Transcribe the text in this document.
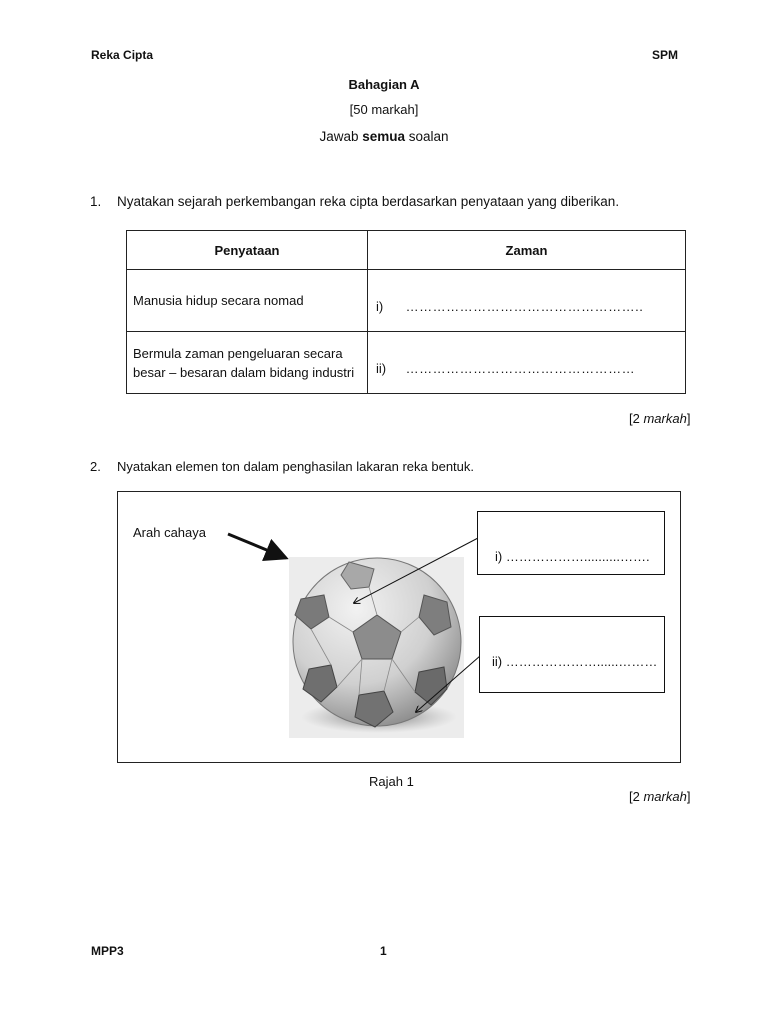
Reka Cipta	SPM
Bahagian A
[50 markah]
Jawab semua soalan
1. Nyatakan sejarah perkembangan reka cipta berdasarkan penyataan yang diberikan.
Penyataan	Zaman
Manusia hidup secara nomad	i) ……………………………………………..
Bermula zaman pengeluaran secara besar – besaran dalam bidang industri	ii) ……………………………………………
[2 markah]
2. Nyatakan elemen ton dalam penghasilan lakaran reka bentuk.
Arah cahaya
i) ………………..........…….
ii) …………………......………
Rajah 1
[2 markah]
MPP3	1
